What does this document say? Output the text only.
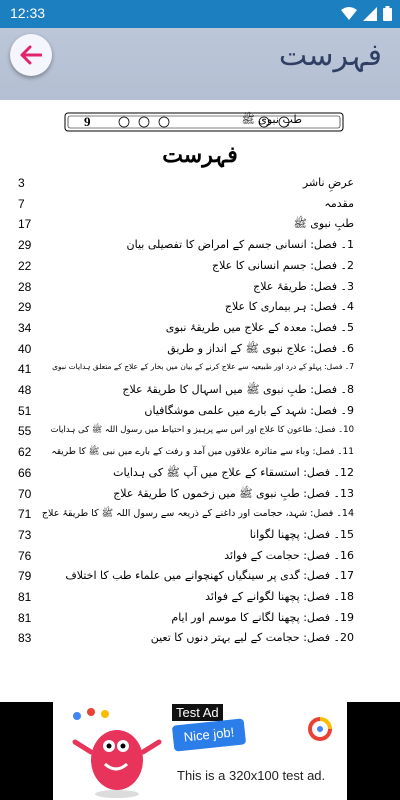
12:33
فہرست
9	طبِ نبوی ﷺ
فہرست
3	عرضِ ناشر
7	مقدمہ
17	طبِ نبوی ﷺ
29	1۔ فصل: انسانی جسم کے امراض کا تفصیلی بیان
22	2۔ فصل: جسم انسانی کا علاج
28	3۔ فصل: طریقۂ علاج
29	4۔ فصل: ہر بیماری کا علاج
34	5۔ فصل: معدہ کے علاج میں طریقۂ نبوی
40	6۔ فصل: علاج نبوی ﷺ کے انداز و طریق
41	7۔ فصل: پہلو کے درد اور طبیعیہ سے علاج کرنے کے بیان میں بخار کے علاج کے متعلق ہدایات نبوی
48	8۔ فصل: طبِ نبوی ﷺ میں اسہال کا طریقۂ علاج
51	9۔ فصل: شہد کے بارے میں علمی موشگافیاں
55 10۔ فصل: طاعون کا علاج اور اس سے پرہیز و احتیاط میں رسول اللہ ﷺ کی ہدایات
62 11۔ فصل: وباء سے متاثرہ علاقوں میں آمد و رفت کے بارے میں نبی ﷺ کا طریقہ
66	12۔ فصل: استسقاء کے علاج میں آپ ﷺ کی ہدایات
70	13۔ فصل: طبِ نبوی ﷺ میں زخموں کا طریقۂ علاج
71 14۔ فصل: شہد، حجامت اور داغنے کے ذریعہ سے رسول اللہ ﷺ کا طریقۂ علاج
73	15۔ فصل: پچھنا لگوانا
76	16۔ فصل: حجامت کے فوائد
79	17۔ فصل: گدی پر سینگیاں کھنچوانے میں علماء طب کا اختلاف
81	18۔ فصل: پچھنا لگوانے کے فوائد
81	19۔ فصل: پچھنا لگانے کا موسم اور ایام
83	20۔ فصل: حجامت کے لیے بہتر دنوں کا تعین
Test Ad
Nice job!
This is a 320x100 test ad.
